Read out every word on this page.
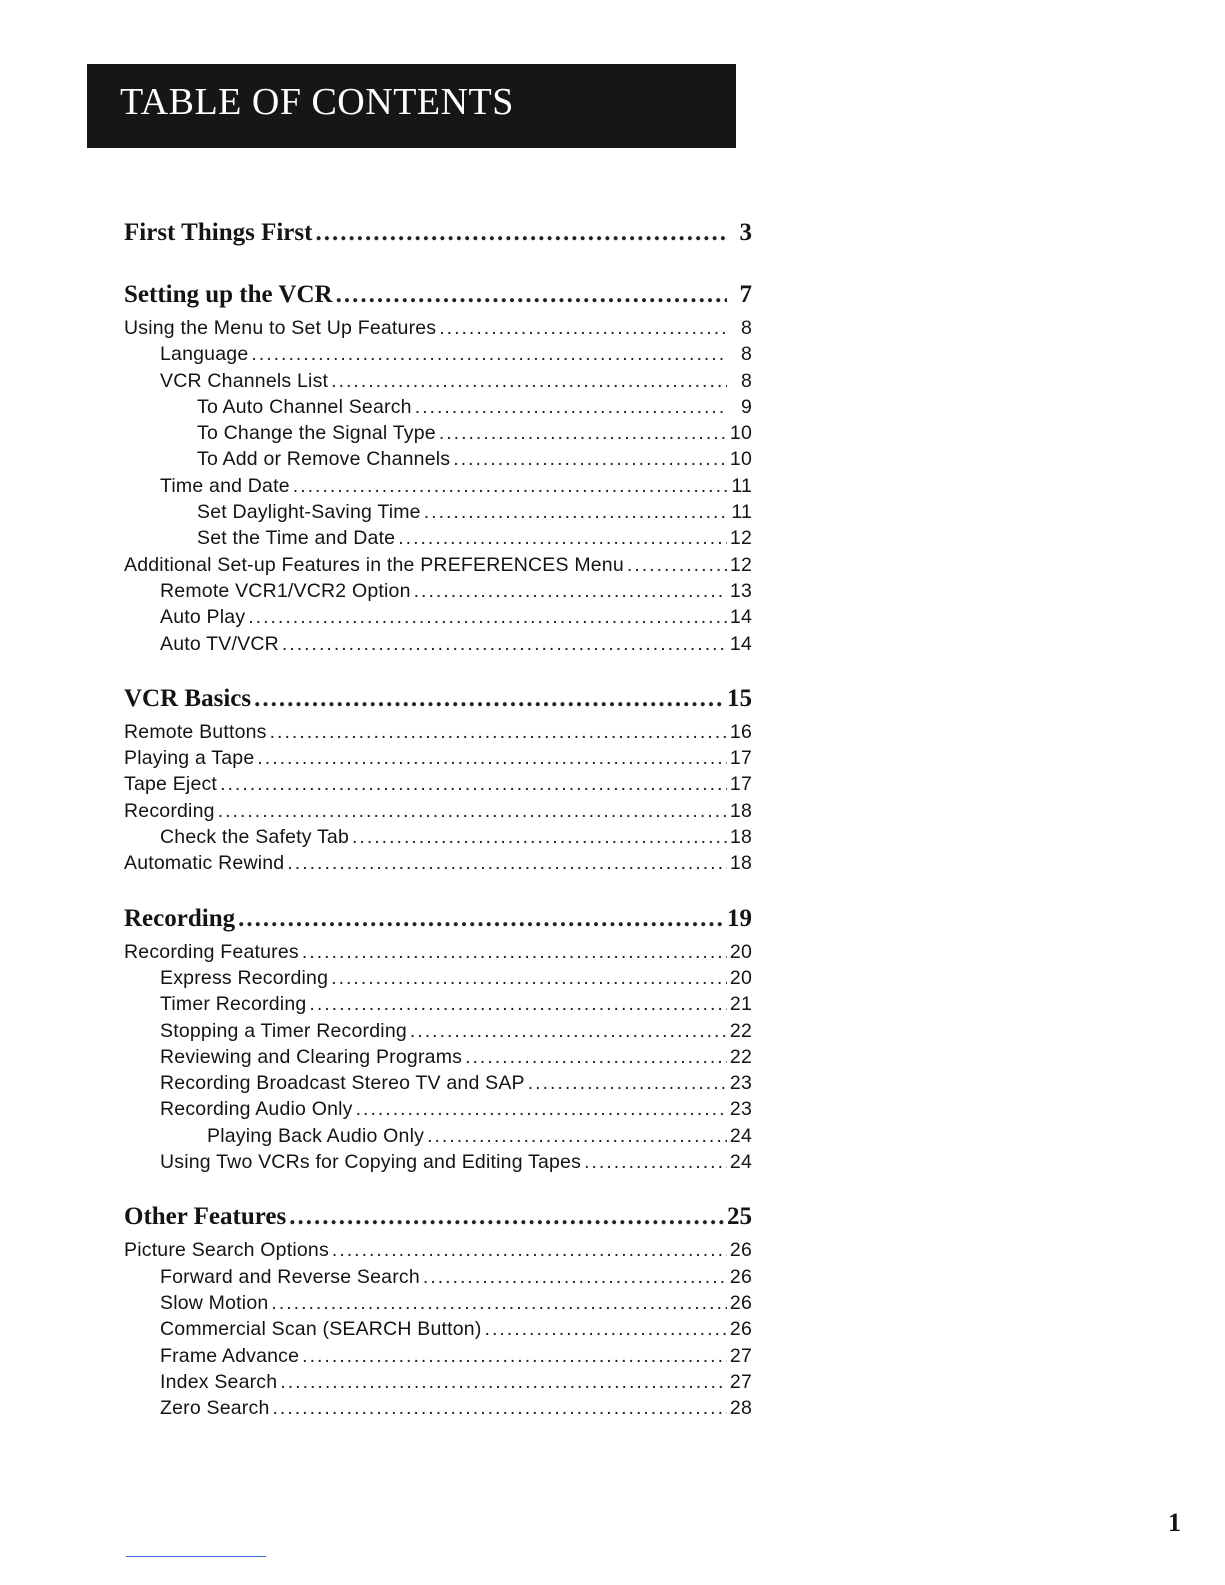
TABLE OF CONTENTS
First Things First .....	3
Setting up the VCR .....	7
Using the Menu to Set Up Features .....	8
Language .....	8
VCR Channels List .....	8
To Auto Channel Search .....	9
To Change the Signal Type .....	10
To Add or Remove Channels .....	10
Time and Date .....	11
Set Daylight-Saving Time .....	11
Set the Time and Date .....	12
Additional Set-up Features in the PREFERENCES Menu .....	12
Remote VCR1/VCR2 Option .....	13
Auto Play .....	14
Auto TV/VCR .....	14
VCR Basics .....	15
Remote Buttons .....	16
Playing a Tape .....	17
Tape Eject .....	17
Recording .....	18
Check the Safety Tab .....	18
Automatic Rewind .....	18
Recording .....	19
Recording Features .....	20
Express Recording .....	20
Timer Recording .....	21
Stopping a Timer Recording .....	22
Reviewing and Clearing Programs .....	22
Recording Broadcast Stereo TV and SAP .....	23
Recording Audio Only .....	23
Playing Back Audio Only .....	24
Using Two VCRs for Copying and Editing Tapes .....	24
Other Features .....	25
Picture Search Options .....	26
Forward and Reverse Search .....	26
Slow Motion .....	26
Commercial Scan (SEARCH Button) .....	26
Frame Advance .....	27
Index Search .....	27
Zero Search .....	28
1
